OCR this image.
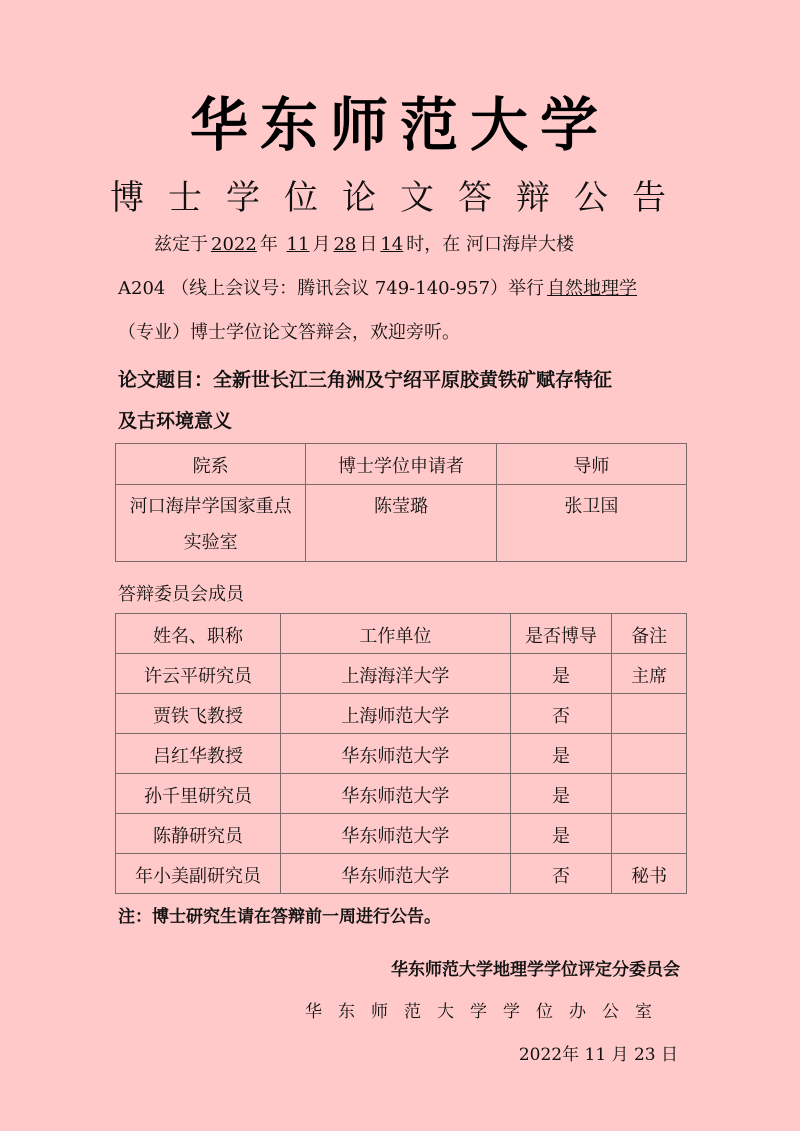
华东师范大学
博士学位论文答辩公告
兹定于 2022 年 11 月 28 日 14 时，在 河口海岸大楼
A204 （线上会议号：腾讯会议 749-140-957）举行 自然地理学
（专业）博士学位论文答辩会，欢迎旁听。
论文题目：全新世长江三角洲及宁绍平原胶黄铁矿赋存特征
及古环境意义
院系	博士学位申请者	导师
河口海岸学国家重点实验室	陈莹璐	张卫国
答辩委员会成员
姓名、职称	工作单位	是否博导	备注
许云平研究员	上海海洋大学	是	主席
贾铁飞教授	上海师范大学	否	
吕红华教授	华东师范大学	是	
孙千里研究员	华东师范大学	是	
陈静研究员	华东师范大学	是	
年小美副研究员	华东师范大学	否	秘书
注：博士研究生请在答辩前一周进行公告。
华东师范大学地理学学位评定分委员会
华东师范大学学位办公室
2022年 11 月 23 日
